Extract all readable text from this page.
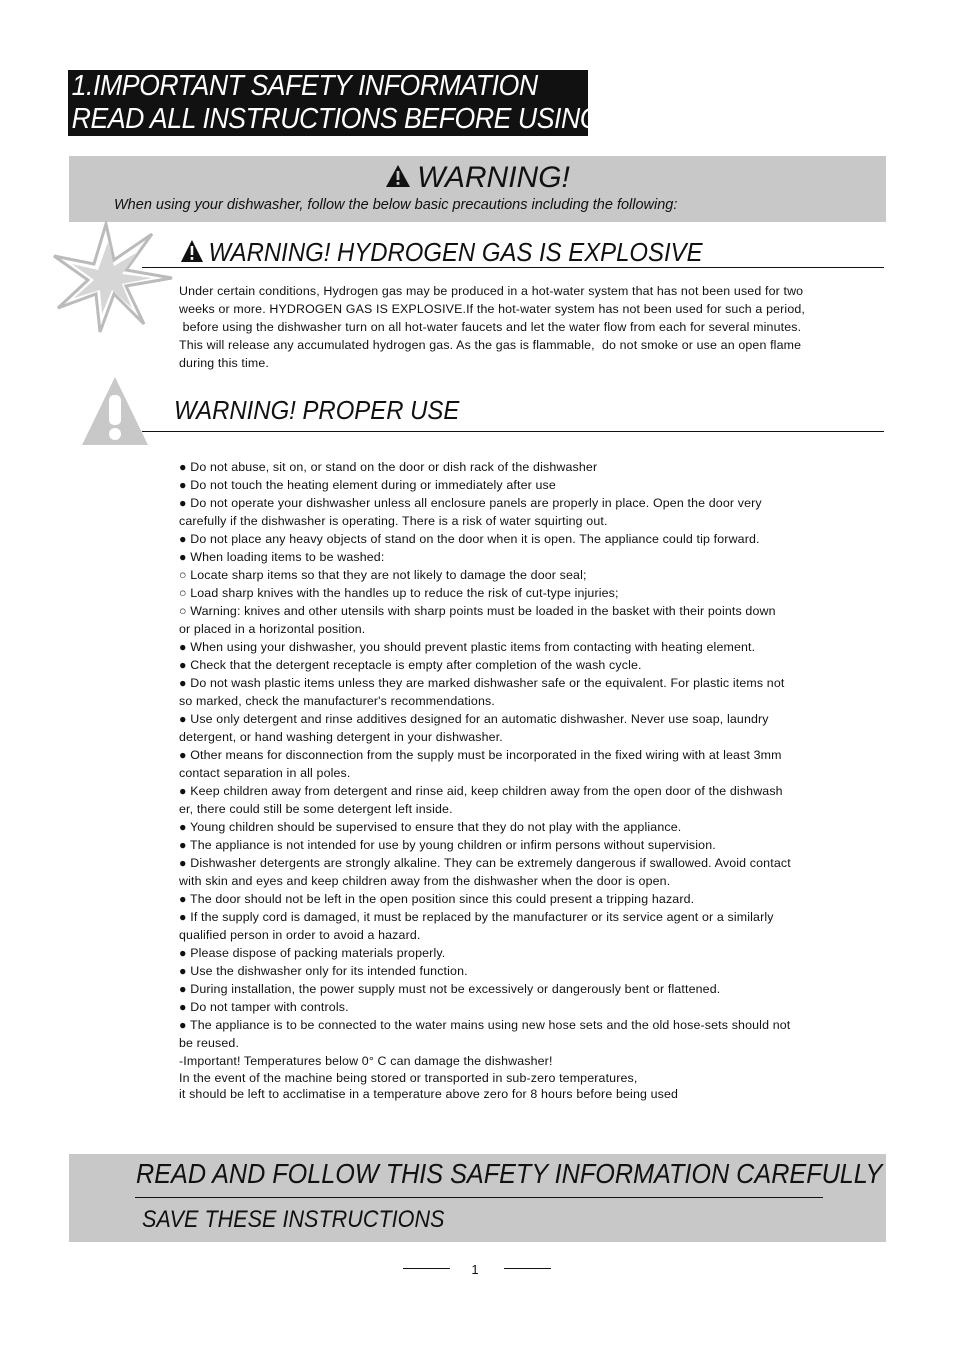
1.IMPORTANT SAFETY INFORMATION
READ ALL INSTRUCTIONS BEFORE USING
WARNING!
When using your dishwasher, follow the below basic precautions including the following:
WARNING! HYDROGEN GAS IS EXPLOSIVE
Under certain conditions, Hydrogen gas may be produced in a hot-water system that has not been used for two
weeks or more. HYDROGEN GAS IS EXPLOSIVE.If the hot-water system has not been used for such a period,
before using the dishwasher turn on all hot-water faucets and let the water flow from each for several minutes.
This will release any accumulated hydrogen gas. As the gas is flammable,  do not smoke or use an open flame
during this time.
WARNING! PROPER USE
● Do not abuse, sit on, or stand on the door or dish rack of the dishwasher
● Do not touch the heating element during or immediately after use
● Do not operate your dishwasher unless all enclosure panels are properly in place. Open the door very
carefully if the dishwasher is operating. There is a risk of water squirting out.
● Do not place any heavy objects of stand on the door when it is open. The appliance could tip forward.
● When loading items to be washed:
○ Locate sharp items so that they are not likely to damage the door seal;
○ Load sharp knives with the handles up to reduce the risk of cut-type injuries;
○ Warning: knives and other utensils with sharp points must be loaded in the basket with their points down
or placed in a horizontal position.
● When using your dishwasher, you should prevent plastic items from contacting with heating element.
● Check that the detergent receptacle is empty after completion of the wash cycle.
● Do not wash plastic items unless they are marked dishwasher safe or the equivalent. For plastic items not
so marked, check the manufacturer's recommendations.
● Use only detergent and rinse additives designed for an automatic dishwasher. Never use soap, laundry
detergent, or hand washing detergent in your dishwasher.
● Other means for disconnection from the supply must be incorporated in the fixed wiring with at least 3mm
contact separation in all poles.
● Keep children away from detergent and rinse aid, keep children away from the open door of the dishwash
er, there could still be some detergent left inside.
● Young children should be supervised to ensure that they do not play with the appliance.
● The appliance is not intended for use by young children or infirm persons without supervision.
● Dishwasher detergents are strongly alkaline. They can be extremely dangerous if swallowed. Avoid contact
with skin and eyes and keep children away from the dishwasher when the door is open.
● The door should not be left in the open position since this could present a tripping hazard.
● If the supply cord is damaged, it must be replaced by the manufacturer or its service agent or a similarly
qualified person in order to avoid a hazard.
● Please dispose of packing materials properly.
● Use the dishwasher only for its intended function.
● During installation, the power supply must not be excessively or dangerously bent or flattened.
● Do not tamper with controls.
● The appliance is to be connected to the water mains using new hose sets and the old hose-sets should not
be reused.
-Important! Temperatures below 0° C can damage the dishwasher!
In the event of the machine being stored or transported in sub-zero temperatures,
it should be left to acclimatise in a temperature above zero for 8 hours before being used
READ AND FOLLOW THIS SAFETY INFORMATION CAREFULLY
SAVE THESE INSTRUCTIONS
1
